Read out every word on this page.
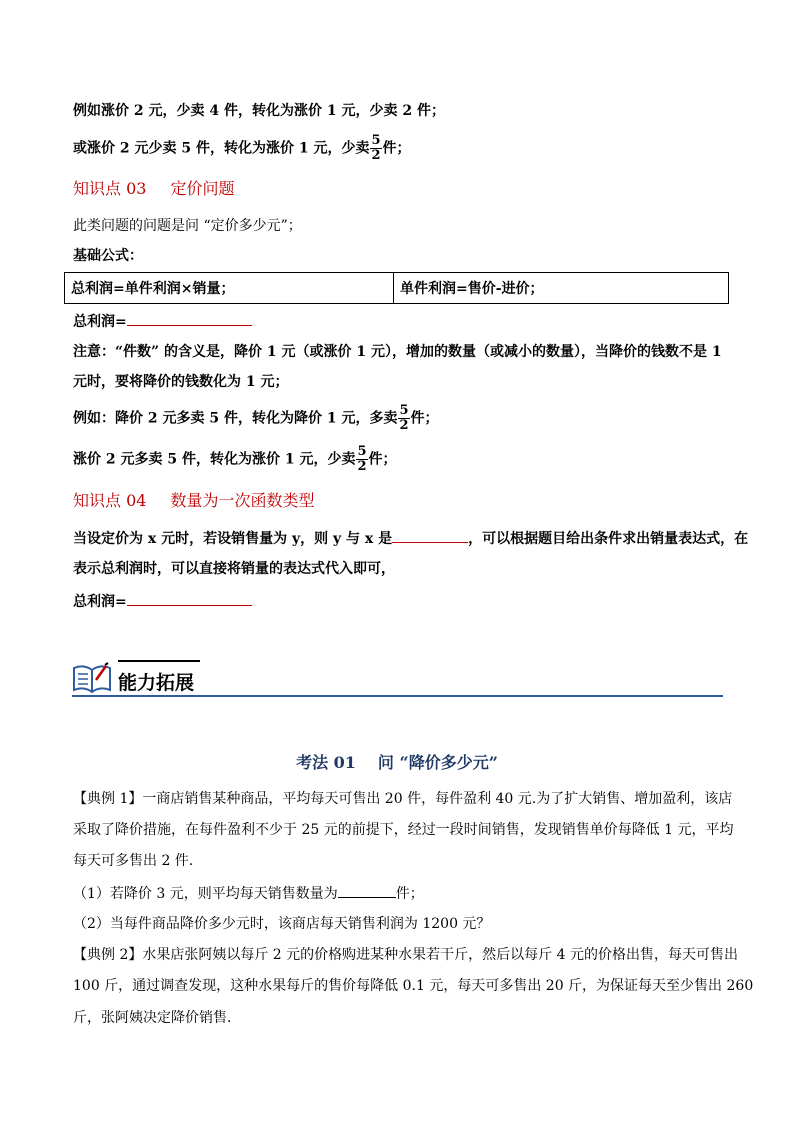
例如涨价 2 元，少卖 4 件，转化为涨价 1 元，少卖 2 件；
或涨价 2 元少卖 5 件，转化为涨价 1 元，少卖 $\frac{5}{2}$ 件；
知识点 03 定价问题
此类问题的问题是问 “定价多少元”；
基础公式：
总利润=单件利润×销量；	单件利润=售价-进价；
总利润=
注意：“件数” 的含义是，降价 1 元（或涨价 1 元），增加的数量（或减小的数量），当降价的钱数不是 1
元时，要将降价的钱数化为 1 元；
例如：降价 2 元多卖 5 件，转化为降价 1 元，多卖 $\frac{5}{2}$ 件；
涨价 2 元多卖 5 件，转化为涨价 1 元，少卖 $\frac{5}{2}$ 件；
知识点 04 数量为一次函数类型
当设定价为 x 元时，若设销售量为 y，则 y 与 x 是	，可以根据题目给出条件求出销量表达式，在
表示总利润时，可以直接将销量的表达式代入即可，
总利润=
能力拓展
考法 01 问 “降价多少元”
【典例 1】一商店销售某种商品，平均每天可售出 20 件，每件盈利 40 元.为了扩大销售、增加盈利，该店
采取了降价措施，在每件盈利不少于 25 元的前提下，经过一段时间销售，发现销售单价每降低 1 元，平均
每天可多售出 2 件.
（1）若降价 3 元，则平均每天销售数量为	件；
（2）当每件商品降价多少元时，该商店每天销售利润为 1200 元？
【典例 2】水果店张阿姨以每斤 2 元的价格购进某种水果若干斤，然后以每斤 4 元的价格出售，每天可售出
100 斤，通过调查发现，这种水果每斤的售价每降低 0.1 元，每天可多售出 20 斤，为保证每天至少售出 260
斤，张阿姨决定降价销售.
